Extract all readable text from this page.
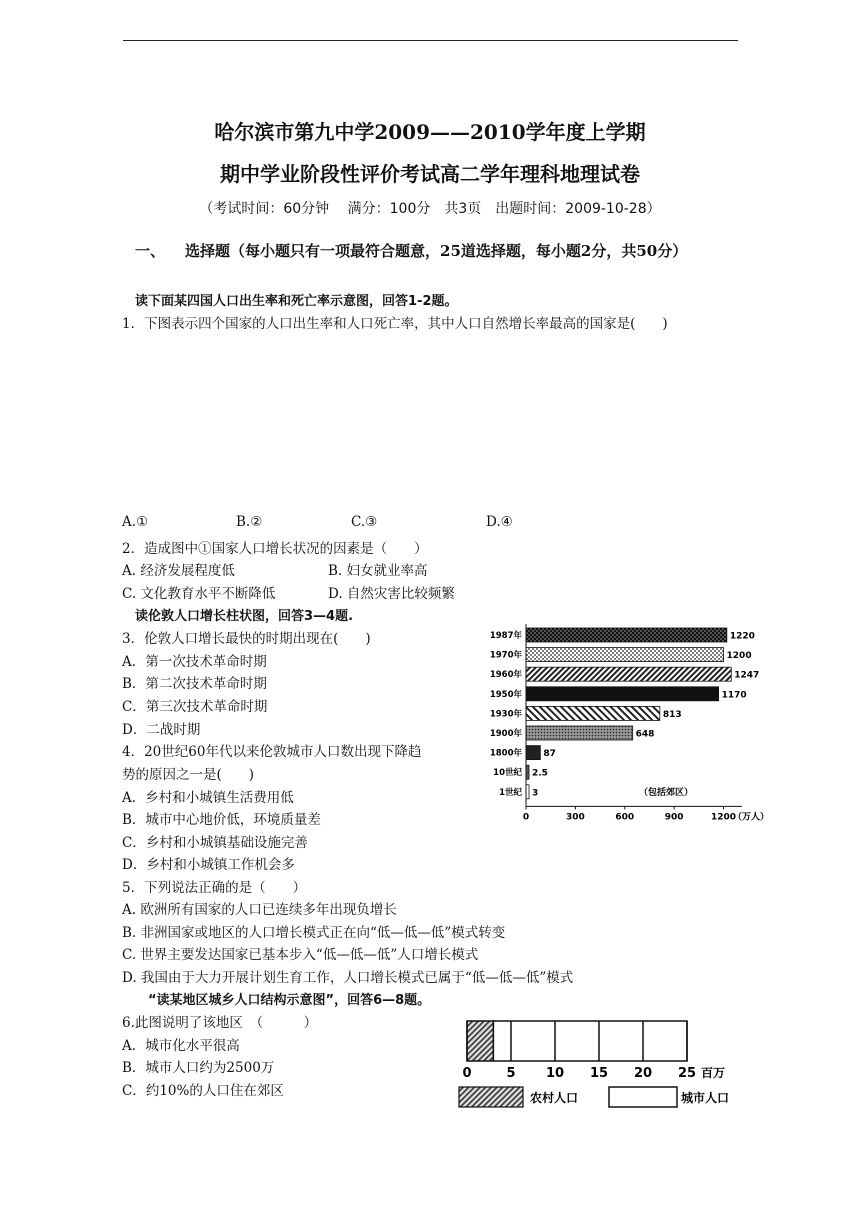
哈尔滨市第九中学2009——2010学年度上学期
期中学业阶段性评价考试高二学年理科地理试卷
（考试时间：60分钟　 满分：100分　共3页　出题时间：2009-10-28）
一、 选择题（每小题只有一项最符合题意，25道选择题，每小题2分，共50分）
读下面某四国人口出生率和死亡率示意图，回答1-2题。
1．下图表示四个国家的人口出生率和人口死亡率，其中人口自然增长率最高的国家是(　　)
A.①	B.②	C.③	D.④
2．造成图中①国家人口增长状况的因素是（　　）
A. 经济发展程度低	B. 妇女就业率高
C. 文化教育水平不断降低	D. 自然灾害比较频繁
读伦敦人口增长柱状图，回答3—4题.
3．伦敦人口增长最快的时期出现在(　　)
A．第一次技术革命时期
B．第二次技术革命时期
C．第三次技术革命时期
D．二战时期
4．20世纪60年代以来伦敦城市人口数出现下降趋
势的原因之一是(　　)
A．乡村和小城镇生活费用低
B．城市中心地价低，环境质量差
C．乡村和小城镇基础设施完善
D．乡村和小城镇工作机会多
5．下列说法正确的是（　　）
A. 欧洲所有国家的人口已连续多年出现负增长
B. 非洲国家或地区的人口增长模式正在向“低—低—低”模式转变
C. 世界主要发达国家已基本步入“低—低—低”人口增长模式
D. 我国由于大力开展计划生育工作，人口增长模式已属于“低—低—低”模式
“读某地区城乡人口结构示意图”，回答6—8题。
6.此图说明了该地区　（　　　）
A．城市化水平很高
B．城市人口约为2500万
C．约10%的人口住在郊区
1987年	1220
1970年	1200
1960年	1247
1950年	1170
1930年	813
1900年	648
1800年 87
10世纪 2.5
1世纪 3
0	300	600	900	1200
（万人）
（包括郊区）
0	5 10 15 20 25 百万
农村人口	城市人口
